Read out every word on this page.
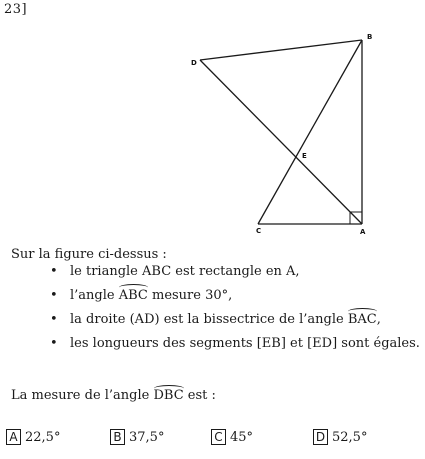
23]
B
D
E
C	A
Sur la figure ci-dessus :
• le triangle ABC est rectangle en A,
• l’angle ABC mesure 30°,
• la droite (AD) est la bissectrice de l’angle BAC,
• les longueurs des segments [EB] et [ED] sont égales.
La mesure de l’angle DBC est :
A 22,5°	B 37,5°	C 45°	D 52,5°
